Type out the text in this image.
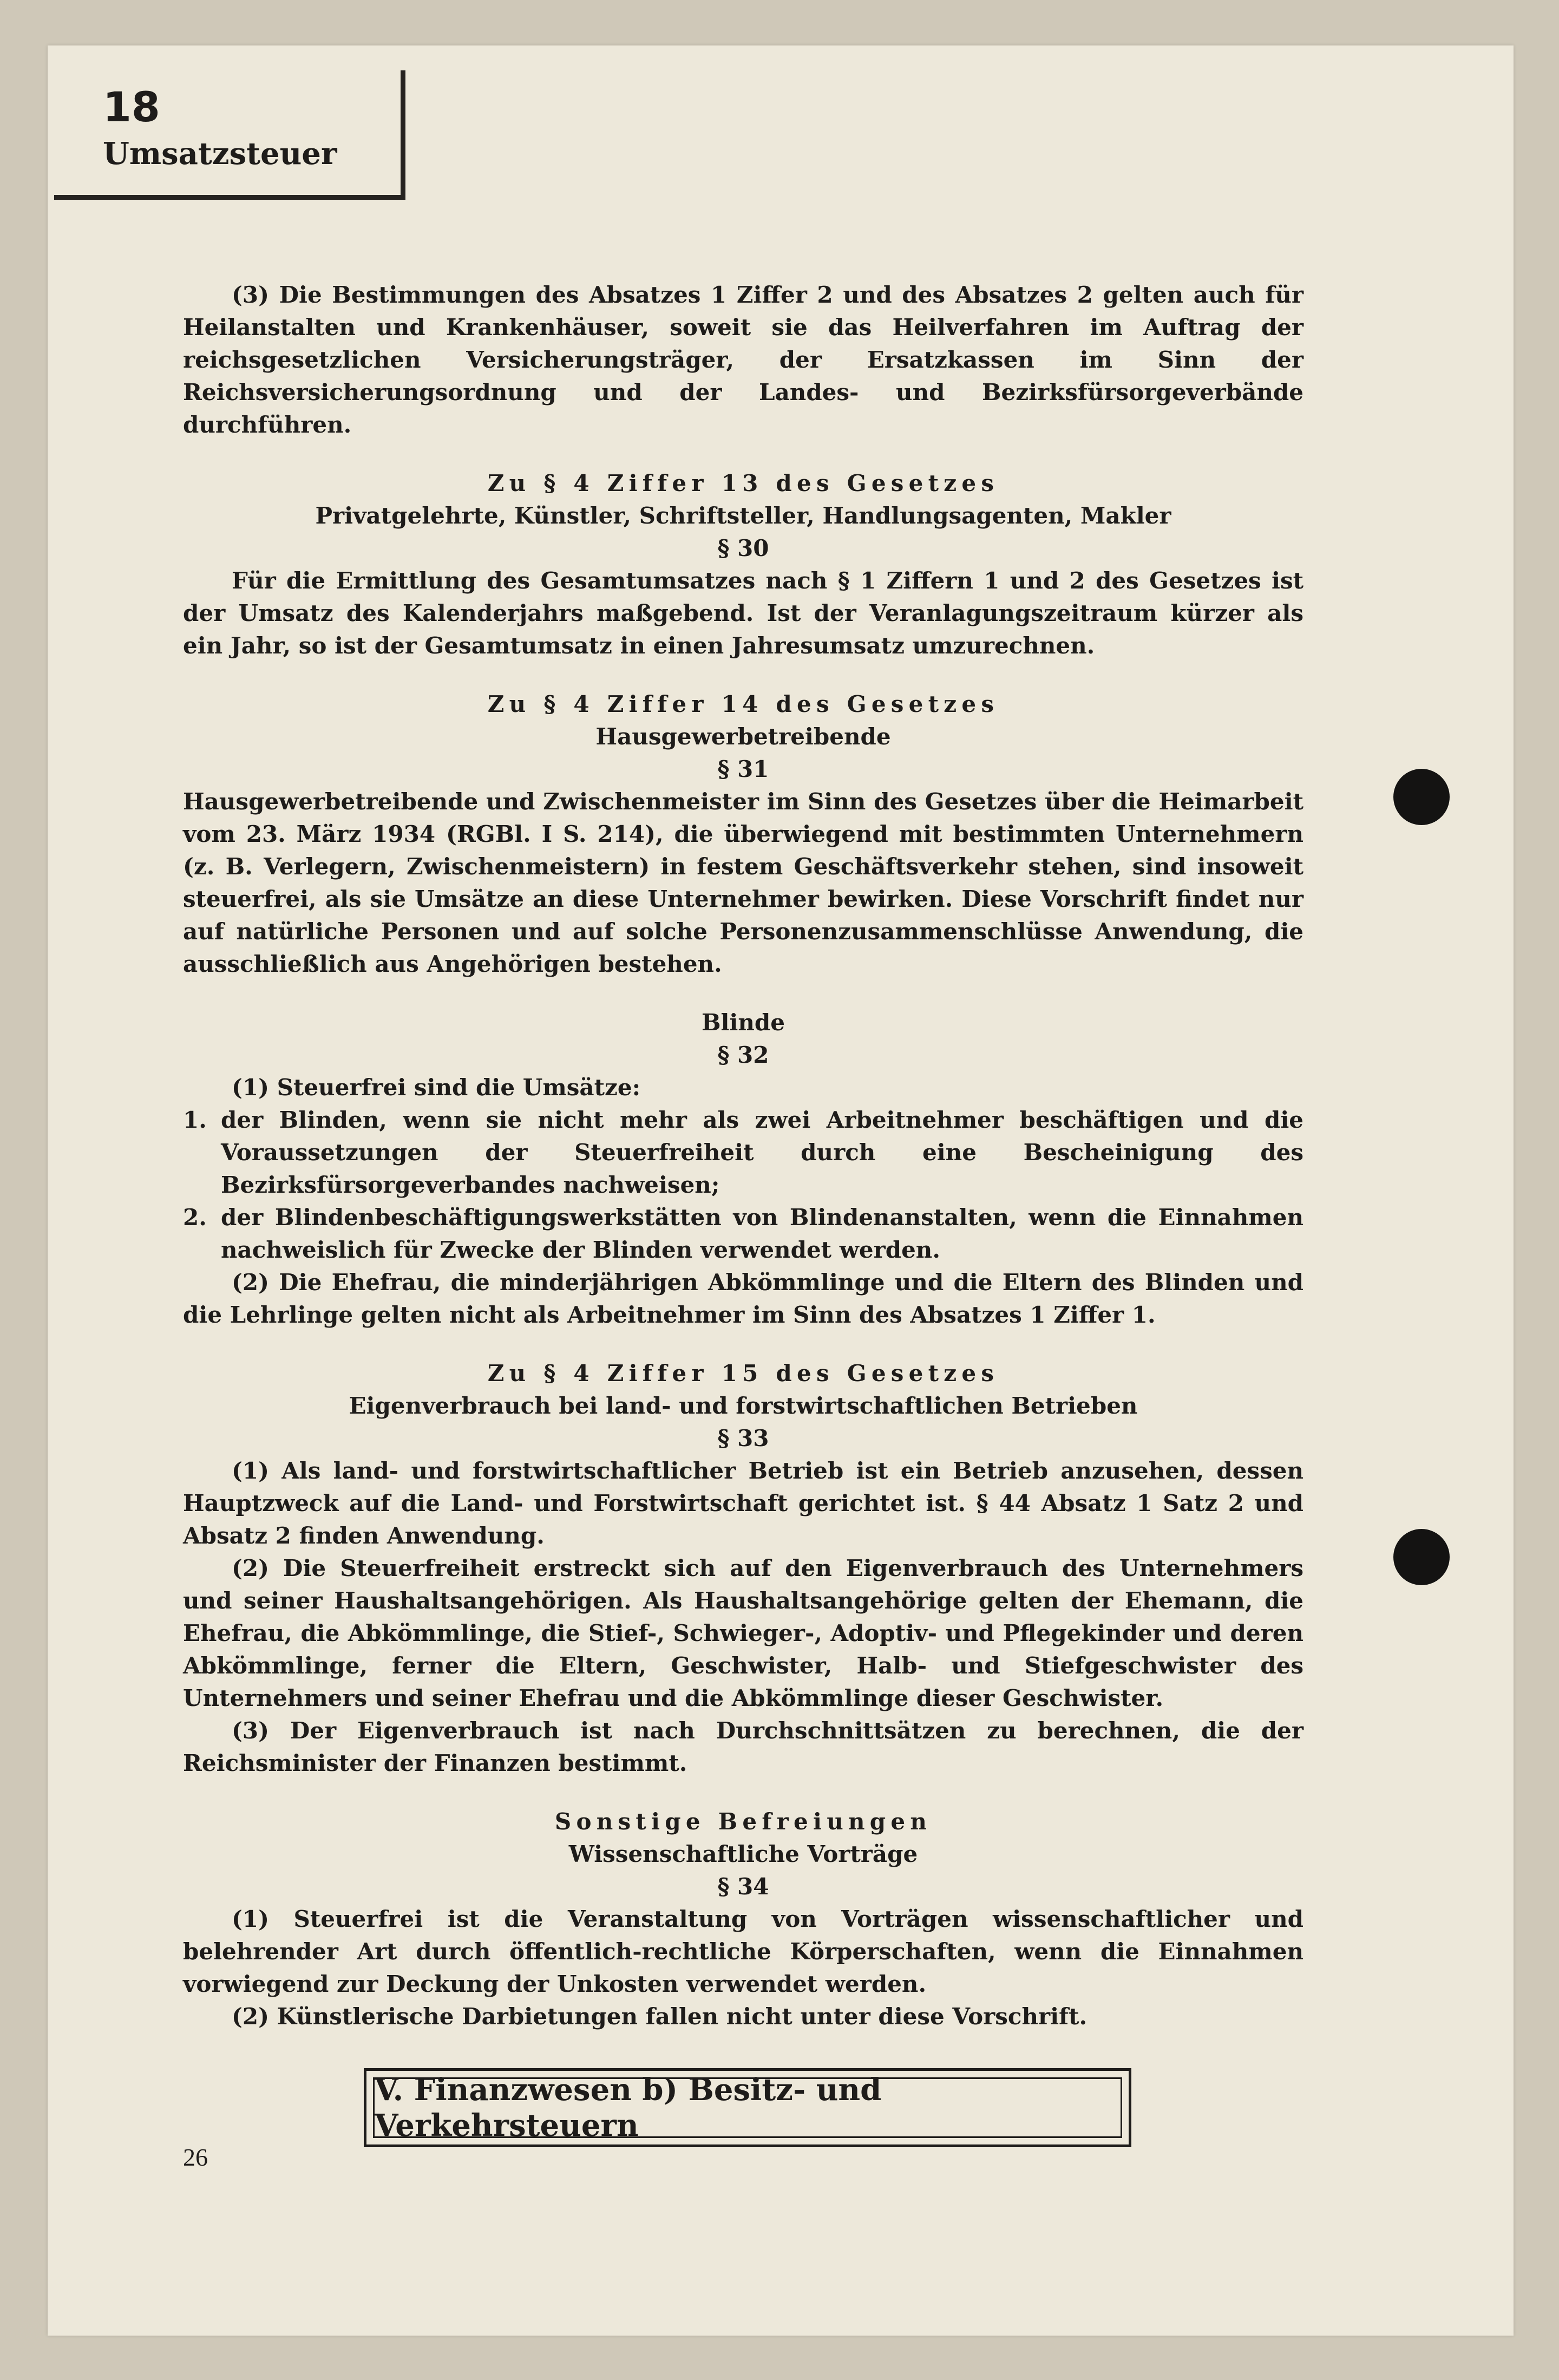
18
Umsatzsteuer

(3) Die Bestimmungen des Absatzes 1 Ziffer 2 und des Absatzes 2 gelten auch für Heilanstalten und Krankenhäuser, soweit sie das Heilverfahren im Auftrag der reichsgesetzlichen Versicherungsträger, der Ersatzkassen im Sinn der Reichsversicherungsordnung und der Landes- und Bezirksfürsorgeverbände durchführen.

Zu § 4 Ziffer 13 des Gesetzes

Privatgelehrte, Künstler, Schriftsteller, Handlungsagenten, Makler

§ 30

Für die Ermittlung des Gesamtumsatzes nach § 1 Ziffern 1 und 2 des Gesetzes ist der Umsatz des Kalenderjahrs maßgebend. Ist der Veranlagungszeitraum kürzer als ein Jahr, so ist der Gesamtumsatz in einen Jahresumsatz umzurechnen.

Zu § 4 Ziffer 14 des Gesetzes

Hausgewerbetreibende

§ 31

Hausgewerbetreibende und Zwischenmeister im Sinn des Gesetzes über die Heimarbeit vom 23. März 1934 (RGBl. I S. 214), die überwiegend mit bestimmten Unternehmern (z. B. Verlegern, Zwischenmeistern) in festem Geschäftsverkehr stehen, sind insoweit steuerfrei, als sie Umsätze an diese Unternehmer bewirken. Diese Vorschrift findet nur auf natürliche Personen und auf solche Personenzusammenschlüsse Anwendung, die ausschließlich aus Angehörigen bestehen.

Blinde

§ 32

(1) Steuerfrei sind die Umsätze:

1. der Blinden, wenn sie nicht mehr als zwei Arbeitnehmer beschäftigen und die Voraussetzungen der Steuerfreiheit durch eine Bescheinigung des Bezirksfürsorgeverbandes nachweisen;
2. der Blindenbeschäftigungswerkstätten von Blindenanstalten, wenn die Einnahmen nachweislich für Zwecke der Blinden verwendet werden.

(2) Die Ehefrau, die minderjährigen Abkömmlinge und die Eltern des Blinden und die Lehrlinge gelten nicht als Arbeitnehmer im Sinn des Absatzes 1 Ziffer 1.

Zu § 4 Ziffer 15 des Gesetzes

Eigenverbrauch bei land- und forstwirtschaftlichen Betrieben

§ 33

(1) Als land- und forstwirtschaftlicher Betrieb ist ein Betrieb anzusehen, dessen Hauptzweck auf die Land- und Forstwirtschaft gerichtet ist. § 44 Absatz 1 Satz 2 und Absatz 2 finden Anwendung.

(2) Die Steuerfreiheit erstreckt sich auf den Eigenverbrauch des Unternehmers und seiner Haushaltsangehörigen. Als Haushaltsangehörige gelten der Ehemann, die Ehefrau, die Abkömmlinge, die Stief-, Schwieger-, Adoptiv- und Pflegekinder und deren Abkömmlinge, ferner die Eltern, Geschwister, Halb- und Stiefgeschwister des Unternehmers und seiner Ehefrau und die Abkömmlinge dieser Geschwister.

(3) Der Eigenverbrauch ist nach Durchschnittsätzen zu berechnen, die der Reichsminister der Finanzen bestimmt.

Sonstige Befreiungen

Wissenschaftliche Vorträge

§ 34

(1) Steuerfrei ist die Veranstaltung von Vorträgen wissenschaftlicher und belehrender Art durch öffentlich-rechtliche Körperschaften, wenn die Einnahmen vorwiegend zur Deckung der Unkosten verwendet werden.

(2) Künstlerische Darbietungen fallen nicht unter diese Vorschrift.

V. Finanzwesen b) Besitz- und Verkehrsteuern
26
